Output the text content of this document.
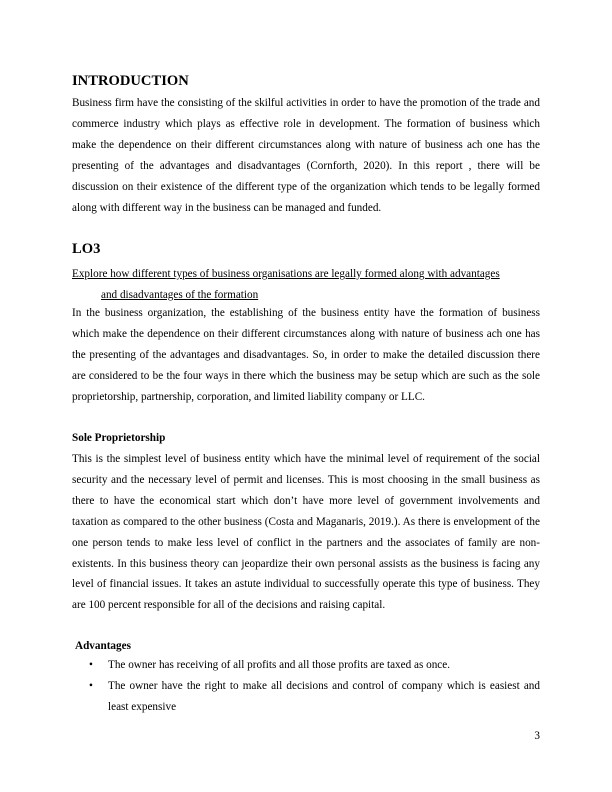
INTRODUCTION

Business firm have the consisting of the skilful activities in order to have the promotion of the trade and commerce industry which plays as effective role in development. The formation of business which make the dependence on their different circumstances along with nature of business ach one has the presenting of the advantages and disadvantages (Cornforth, 2020). In this report , there will be discussion on their existence of the different type of the organization which tends to be legally formed along with different way in the business can be managed and funded.

LO3
Explore how different types of business organisations are legally formed along with advantages
and disadvantages of the formation

In the business organization, the establishing of the business entity have the formation of business which make the dependence on their different circumstances along with nature of business ach one has the presenting of the advantages and disadvantages. So, in order to make the detailed discussion there are considered to be the four ways in there which the business may be setup which are such as the sole proprietorship, partnership, corporation, and limited liability company or LLC.

Sole Proprietorship

This is the simplest level of business entity which have the minimal level of requirement of the social security and the necessary level of permit and licenses. This is most choosing in the small business as there to have the economical start which don’t have more level of government involvements and taxation as compared to the other business (Costa and Maganaris, 2019.). As there is envelopment of the one person tends to make less level of conflict in the partners and the associates of family are non-existents. In this business theory can jeopardize their own personal assists as the business is facing any level of financial issues. It takes an astute individual to successfully operate this type of business. They are 100 percent responsible for all of the decisions and raising capital.

Advantages
• The owner has receiving of all profits and all those profits are taxed as once.
• The owner have the right to make all decisions and control of company which is easiest and least expensive
3
